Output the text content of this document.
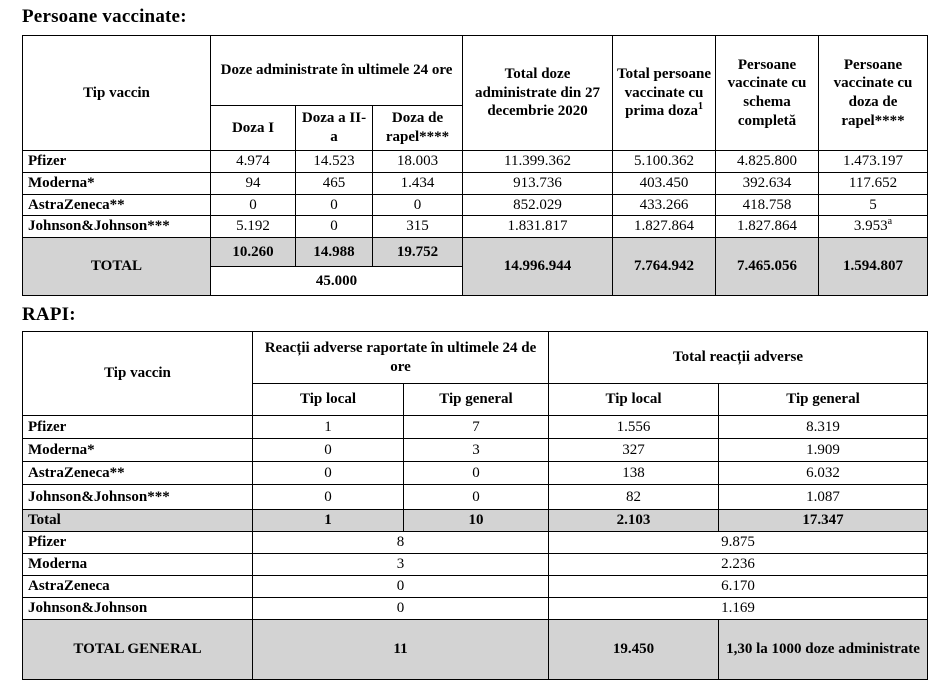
Persoane vaccinate:
Tip vaccin	Doze administrate în ultimele 24 ore			Total doze administrate din 27 decembrie 2020	Total persoane vaccinate cu prima doza$^1$	Persoane vaccinate cu schema completă	Persoane vaccinate cu doza de rapel****
	Doza I	Doza a II-a	Doza de rapel****				
Pfizer	4.974	14.523	18.003	11.399.362	5.100.362	4.825.800	1.473.197
Moderna*	94	465	1.434	913.736	403.450	392.634	117.652
AstraZeneca**	0	0	0	852.029	433.266	418.758	5
Johnson&Johnson***	5.192	0	315	1.831.817	1.827.864	1.827.864	3.953$^a$
TOTAL	10.260	14.988	19.752	14.996.944	7.764.942	7.465.056	1.594.807
	45.000						
RAPI:
Tip vaccin	Reacții adverse raportate în ultimele 24 de ore		Total reacții adverse	
	Tip local	Tip general	Tip local	Tip general
Pfizer	1	7	1.556	8.319
Moderna*	0	3	327	1.909
AstraZeneca**	0	0	138	6.032
Johnson&Johnson***	0	0	82	1.087
Total	1	10	2.103	17.347
Pfizer	8		9.875	
Moderna	3		2.236	
AstraZeneca	0		6.170	
Johnson&Johnson	0		1.169	
TOTAL GENERAL	11		19.450	1,30 la 1000 doze administrate
